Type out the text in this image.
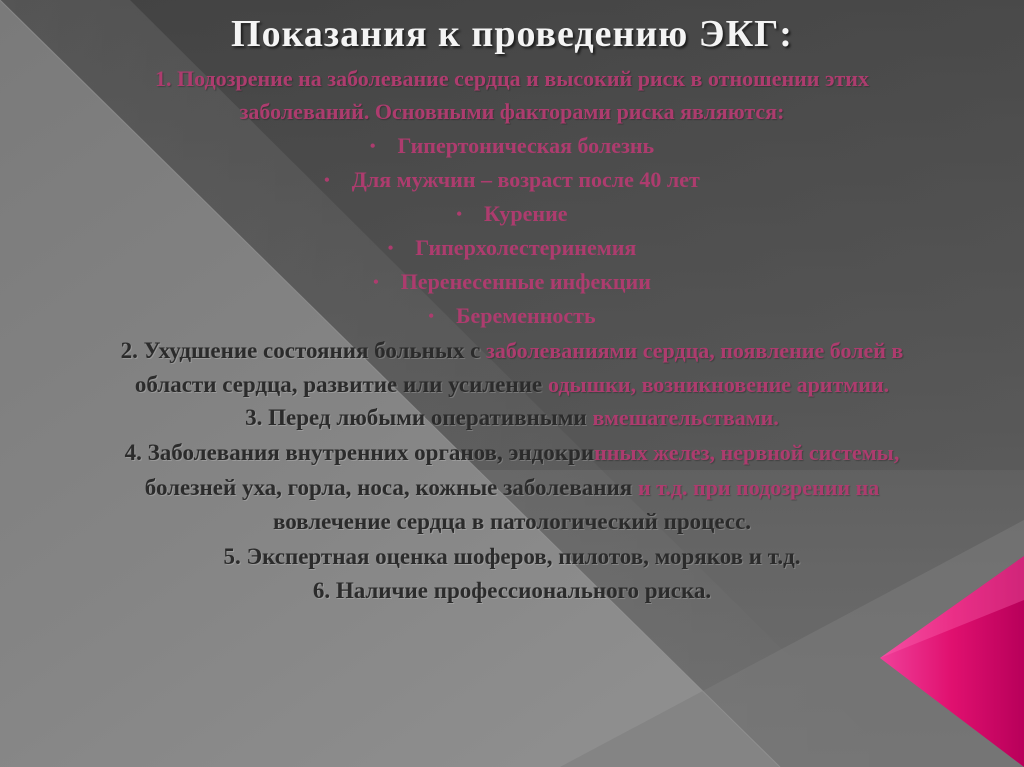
Показания к проведению ЭКГ:

1. Подозрение на заболевание сердца и высокий риск в отношении этих

заболеваний. Основными факторами риска являются:

• Гипертоническая болезнь

• Для мужчин – возраст после 40 лет

• Курение

• Гиперхолестеринемия

• Перенесенные инфекции

• Беременность

2. Ухудшение состояния больных с заболеваниями сердца, появление болей в

области сердца, развитие или усиление одышки, возникновение аритмии.

3. Перед любыми оперативными вмешательствами.

4. Заболевания внутренних органов, эндокринных желез, нервной системы,

болезней уха, горла, носа, кожные заболевания и т.д. при подозрении на

вовлечение сердца в патологический процесс.

5. Экспертная оценка шоферов, пилотов, моряков и т.д.

6. Наличие профессионального риска.
